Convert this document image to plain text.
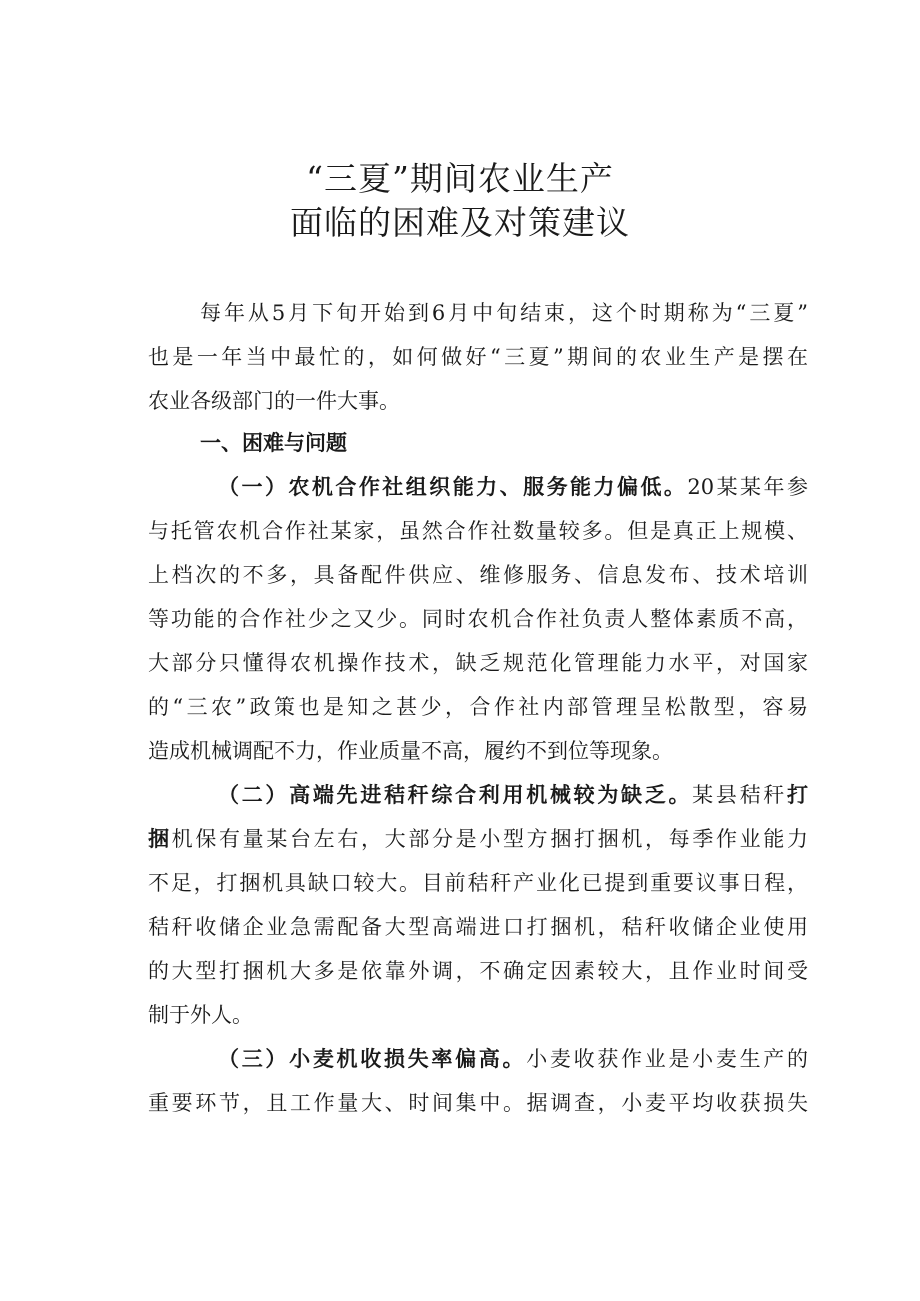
“三夏”期间农业生产
面临的困难及对策建议
每年从5月下旬开始到6月中旬结束，这个时期称为“三夏”
也是一年当中最忙的，如何做好“三夏”期间的农业生产是摆在
农业各级部门的一件大事。
一、困难与问题
（一）农机合作社组织能力、服务能力偏低。20某某年参
与托管农机合作社某家，虽然合作社数量较多。但是真正上规模、
上档次的不多，具备配件供应、维修服务、信息发布、技术培训
等功能的合作社少之又少。同时农机合作社负责人整体素质不高，
大部分只懂得农机操作技术，缺乏规范化管理能力水平，对国家
的“三农”政策也是知之甚少，合作社内部管理呈松散型，容易
造成机械调配不力，作业质量不高，履约不到位等现象。
（二）高端先进秸秆综合利用机械较为缺乏。某县秸秆打
捆机保有量某台左右，大部分是小型方捆打捆机，每季作业能力
不足，打捆机具缺口较大。目前秸秆产业化已提到重要议事日程，
秸秆收储企业急需配备大型高端进口打捆机，秸秆收储企业使用
的大型打捆机大多是依靠外调，不确定因素较大，且作业时间受
制于外人。
（三）小麦机收损失率偏高。小麦收获作业是小麦生产的
重要环节，且工作量大、时间集中。据调查，小麦平均收获损失
